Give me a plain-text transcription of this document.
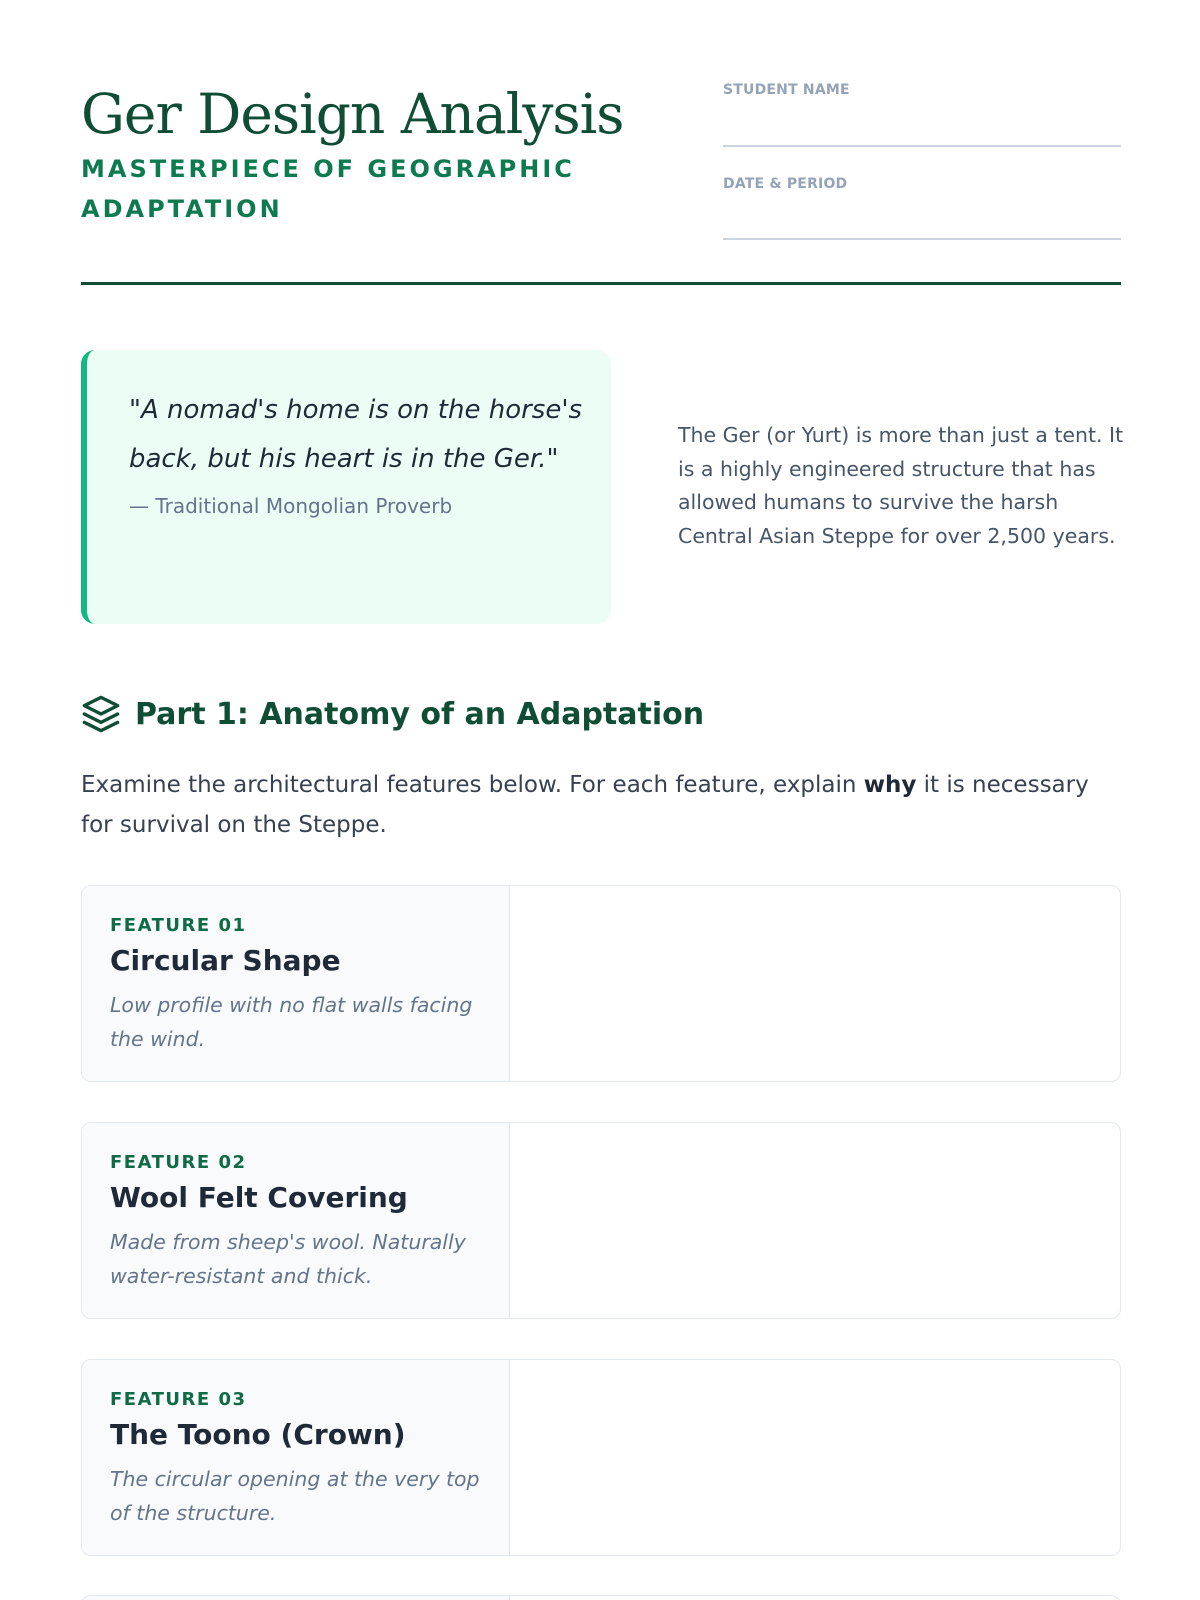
Ger Design Analysis
MASTERPIECE OF GEOGRAPHIC ADAPTATION
STUDENT NAME
DATE & PERIOD
"A nomad's home is on the horse's back, but his heart is in the Ger."
— Traditional Mongolian Proverb

The Ger (or Yurt) is more than just a tent. It is a highly engineered structure that has allowed humans to survive the harsh Central Asian Steppe for over 2,500 years.

Part 1: Anatomy of an Adaptation

Examine the architectural features below. For each feature, explain why it is necessary for survival on the Steppe.

FEATURE 01
Circular Shape
Low profile with no flat walls facing the wind.
FEATURE 02
Wool Felt Covering
Made from sheep's wool. Naturally water-resistant and thick.
FEATURE 03
The Toono (Crown)
The circular opening at the very top of the structure.
